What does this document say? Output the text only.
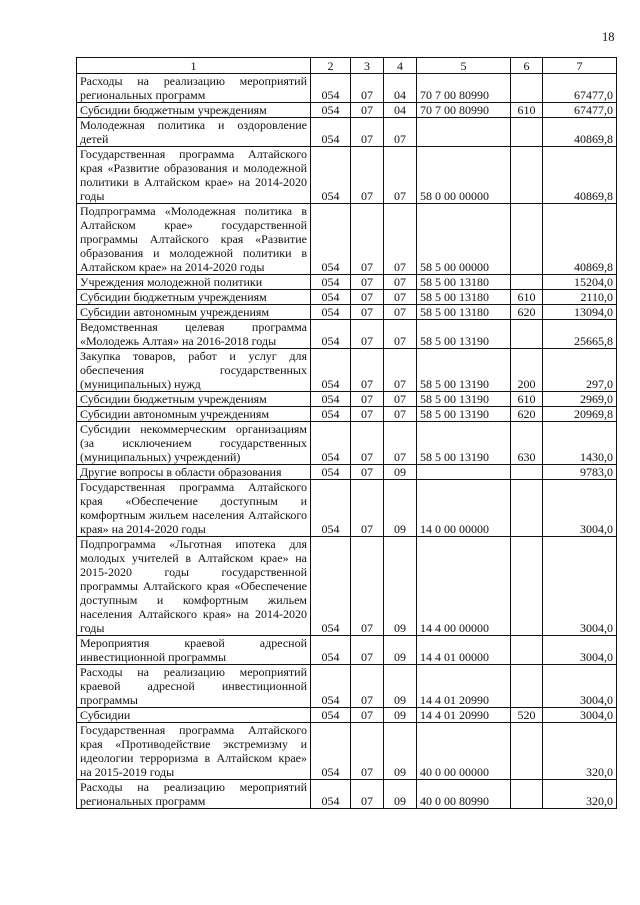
18
1	2	3	4	5	6	7
Расходы на реализацию мероприятий региональных программ	054	07	04	70 7 00 80990		67477,0
Субсидии бюджетным учреждениям	054	07	04	70 7 00 80990	610	67477,0
Молодежная политика и оздоровление детей	054	07	07			40869,8
Государственная программа Алтайского края «Развитие образования и молодежной политики в Алтайском крае» на 2014-2020 годы	054	07	07	58 0 00 00000		40869,8
Подпрограмма «Молодежная политика в Алтайском крае» государственной программы Алтайского края «Развитие образования и молодежной политики в Алтайском крае» на 2014-2020 годы	054	07	07	58 5 00 00000		40869,8
Учреждения молодежной политики	054	07	07	58 5 00 13180		15204,0
Субсидии бюджетным учреждениям	054	07	07	58 5 00 13180	610	2110,0
Субсидии автономным учреждениям	054	07	07	58 5 00 13180	620	13094,0
Ведомственная целевая программа «Молодежь Алтая» на 2016-2018 годы	054	07	07	58 5 00 13190		25665,8
Закупка товаров, работ и услуг для обеспечения государственных (муниципальных) нужд	054	07	07	58 5 00 13190	200	297,0
Субсидии бюджетным учреждениям	054	07	07	58 5 00 13190	610	2969,0
Субсидии автономным учреждениям	054	07	07	58 5 00 13190	620	20969,8
Субсидии некоммерческим организациям (за исключением государственных (муниципальных) учреждений)	054	07	07	58 5 00 13190	630	1430,0
Другие вопросы в области образования	054	07	09			9783,0
Государственная программа Алтайского края «Обеспечение доступным и комфортным жильем населения Алтайского края» на 2014-2020 годы	054	07	09	14 0 00 00000		3004,0
Подпрограмма «Льготная ипотека для молодых учителей в Алтайском крае» на 2015-2020 годы государственной программы Алтайского края «Обеспечение доступным и комфортным жильем населения Алтайского края» на 2014-2020 годы	054	07	09	14 4 00 00000		3004,0
Мероприятия краевой адресной инвестиционной программы	054	07	09	14 4 01 00000		3004,0
Расходы на реализацию мероприятий краевой адресной инвестиционной программы	054	07	09	14 4 01 20990		3004,0
Субсидии	054	07	09	14 4 01 20990	520	3004,0
Государственная программа Алтайского края «Противодействие экстремизму и идеологии терроризма в Алтайском крае» на 2015-2019 годы	054	07	09	40 0 00 00000		320,0
Расходы на реализацию мероприятий региональных программ	054	07	09	40 0 00 80990		320,0
